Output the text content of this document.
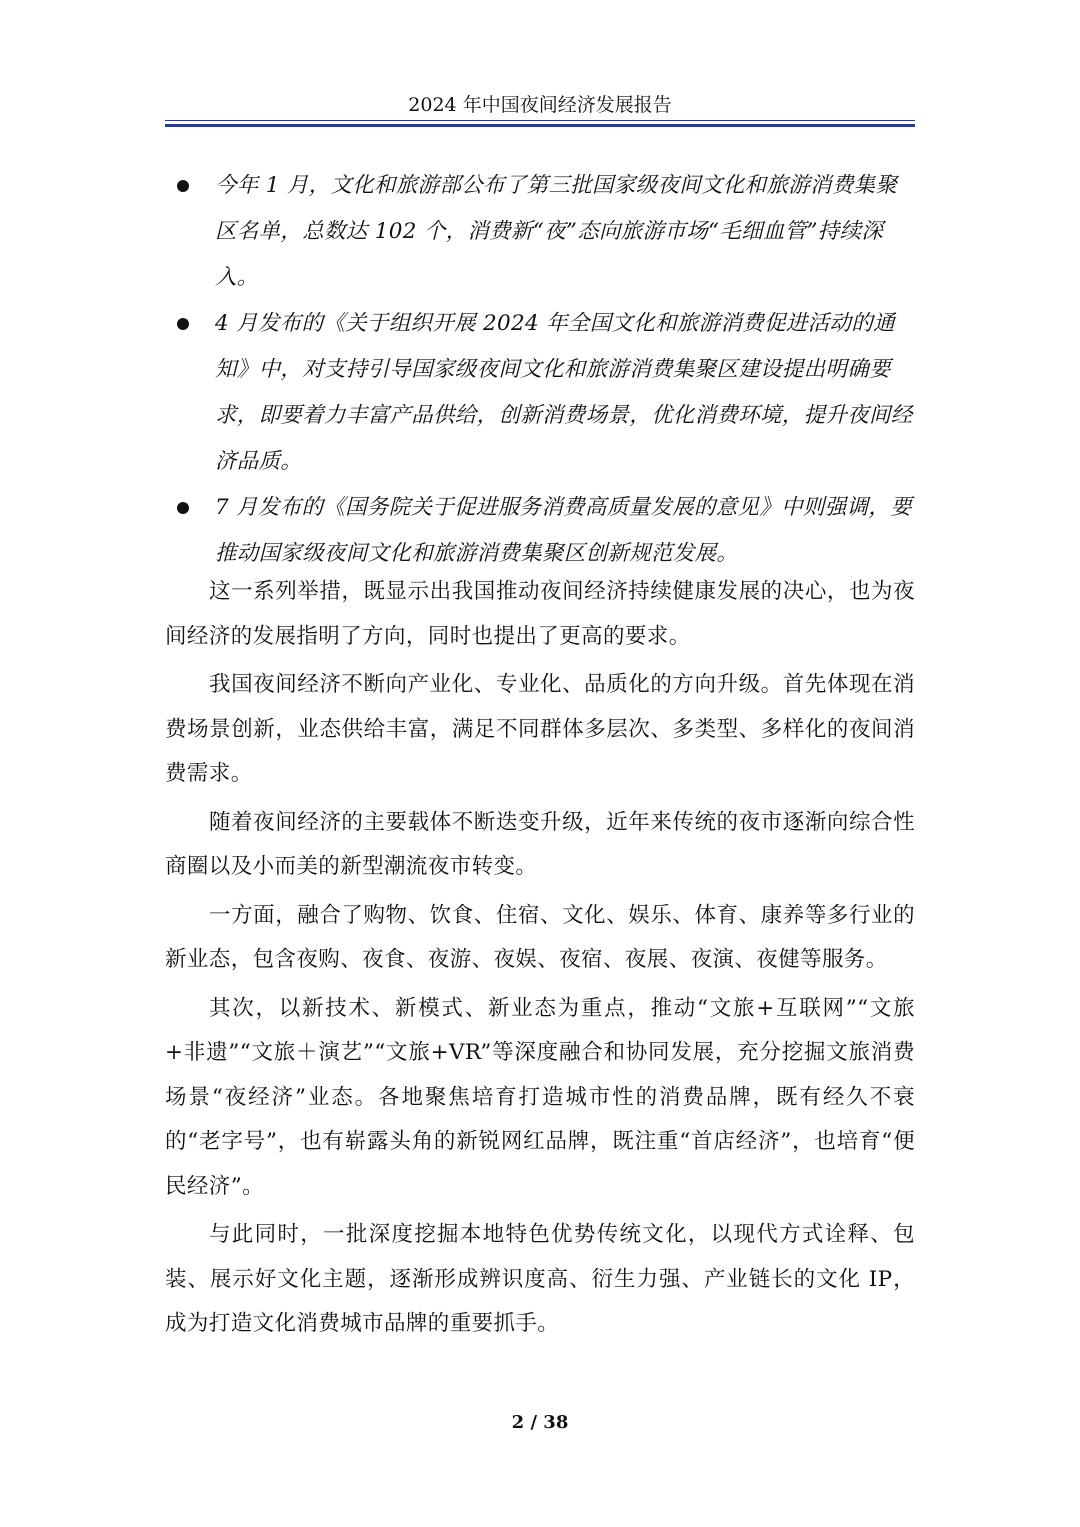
2024 年中国夜间经济发展报告
今年 1 月，文化和旅游部公布了第三批国家级夜间文化和旅游消费集聚区名单，总数达 102 个，消费新“夜”态向旅游市场“毛细血管”持续深入。
4 月发布的《关于组织开展 2024 年全国文化和旅游消费促进活动的通知》中，对支持引导国家级夜间文化和旅游消费集聚区建设提出明确要求，即要着力丰富产品供给，创新消费场景，优化消费环境，提升夜间经济品质。
7 月发布的《国务院关于促进服务消费高质量发展的意见》中则强调，要推动国家级夜间文化和旅游消费集聚区创新规范发展。

这一系列举措，既显示出我国推动夜间经济持续健康发展的决心，也为夜间经济的发展指明了方向，同时也提出了更高的要求。

我国夜间经济不断向产业化、专业化、品质化的方向升级。首先体现在消费场景创新，业态供给丰富，满足不同群体多层次、多类型、多样化的夜间消费需求。

随着夜间经济的主要载体不断迭变升级，近年来传统的夜市逐渐向综合性商圈以及小而美的新型潮流夜市转变。

一方面，融合了购物、饮食、住宿、文化、娱乐、体育、康养等多行业的新业态，包含夜购、夜食、夜游、夜娱、夜宿、夜展、夜演、夜健等服务。

其次，以新技术、新模式、新业态为重点，推动“文旅+互联网”“文旅+非遗”“文旅＋演艺”“文旅+VR”等深度融合和协同发展，充分挖掘文旅消费场景“夜经济”业态。各地聚焦培育打造城市性的消费品牌，既有经久不衰的“老字号”，也有崭露头角的新锐网红品牌，既注重“首店经济”，也培育“便民经济”。

与此同时，一批深度挖掘本地特色优势传统文化，以现代方式诠释、包装、展示好文化主题，逐渐形成辨识度高、衍生力强、产业链长的文化 IP，成为打造文化消费城市品牌的重要抓手。

2 / 38
